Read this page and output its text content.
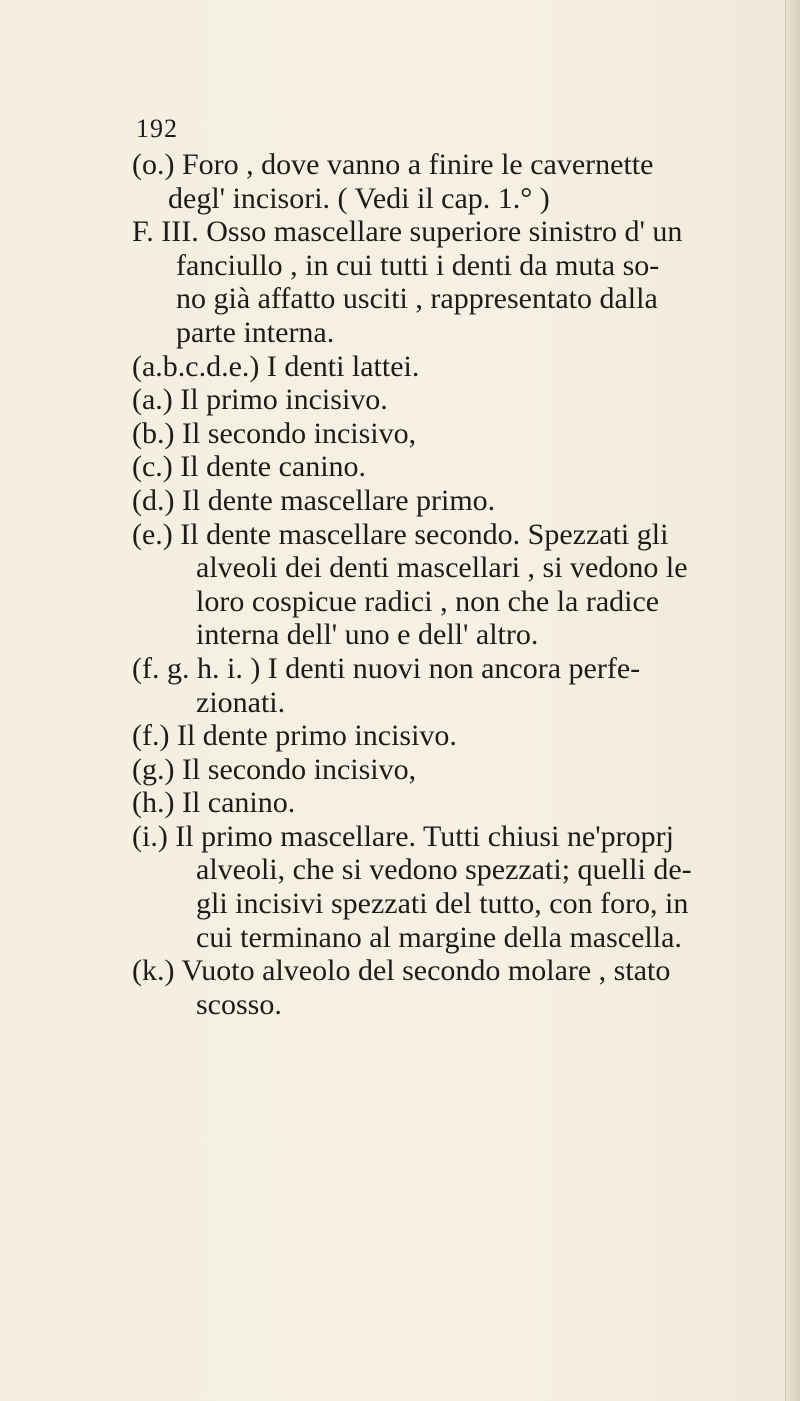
192
(o.) Foro , dove vanno a finire le cavernette
degl' incisori. ( Vedi il cap. 1.° )
F. III. Osso mascellare superiore sinistro d' un
fanciullo , in cui tutti i denti da muta so-
no già affatto usciti , rappresentato dalla
parte interna.
(a.b.c.d.e.) I denti lattei.
(a.) Il primo incisivo.
(b.) Il secondo incisivo,
(c.) Il dente canino.
(d.) Il dente mascellare primo.
(e.) Il dente mascellare secondo. Spezzati gli
alveoli dei denti mascellari , si vedono le
loro cospicue radici , non che la radice
interna dell' uno e dell' altro.
(f. g. h. i. ) I denti nuovi non ancora perfe-
zionati.
(f.) Il dente primo incisivo.
(g.) Il secondo incisivo,
(h.) Il canino.
(i.) Il primo mascellare. Tutti chiusi ne'proprj
alveoli, che si vedono spezzati; quelli de-
gli incisivi spezzati del tutto, con foro, in
cui terminano al margine della mascella.
(k.) Vuoto alveolo del secondo molare , stato
scosso.
